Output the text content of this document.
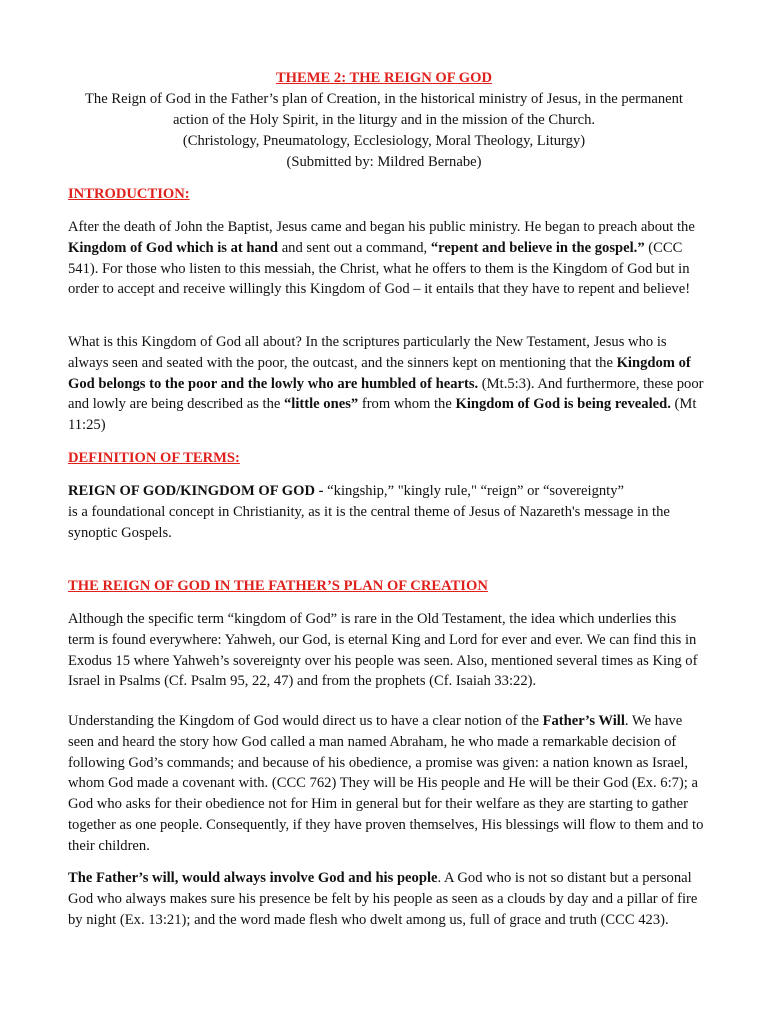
THEME 2: THE REIGN OF GOD
The Reign of God in the Father’s plan of Creation, in the historical ministry of Jesus, in the permanent
action of the Holy Spirit, in the liturgy and in the mission of the Church.
(Christology, Pneumatology, Ecclesiology, Moral Theology, Liturgy)
(Submitted by: Mildred Bernabe)
INTRODUCTION:
After the death of John the Baptist, Jesus came and began his public ministry. He began to preach about the Kingdom of God which is at hand and sent out a command, “repent and believe in the gospel.” (CCC 541). For those who listen to this messiah, the Christ, what he offers to them is the Kingdom of God but in order to accept and receive willingly this Kingdom of God – it entails that they have to repent and believe!
What is this Kingdom of God all about? In the scriptures particularly the New Testament, Jesus who is always seen and seated with the poor, the outcast, and the sinners kept on mentioning that the Kingdom of God belongs to the poor and the lowly who are humbled of hearts. (Mt.5:3). And furthermore, these poor and lowly are being described as the “little ones” from whom the Kingdom of God is being revealed. (Mt 11:25)
DEFINITION OF TERMS:
REIGN OF GOD/KINGDOM OF GOD - “kingship,” "kingly rule," “reign” or “sovereignty”
is a foundational concept in Christianity, as it is the central theme of Jesus of Nazareth's message in the synoptic Gospels.
THE REIGN OF GOD IN THE FATHER’S PLAN OF CREATION
Although the specific term “kingdom of God” is rare in the Old Testament, the idea which underlies this term is found everywhere: Yahweh, our God, is eternal King and Lord for ever and ever. We can find this in Exodus 15 where Yahweh’s sovereignty over his people was seen. Also, mentioned several times as King of Israel in Psalms (Cf. Psalm 95, 22, 47) and from the prophets (Cf. Isaiah 33:22).
Understanding the Kingdom of God would direct us to have a clear notion of the Father’s Will. We have seen and heard the story how God called a man named Abraham, he who made a remarkable decision of following God’s commands; and because of his obedience, a promise was given: a nation known as Israel, whom God made a covenant with. (CCC 762) They will be His people and He will be their God (Ex. 6:7); a God who asks for their obedience not for Him in general but for their welfare as they are starting to gather together as one people. Consequently, if they have proven themselves, His blessings will flow to them and to their children.
The Father’s will, would always involve God and his people. A God who is not so distant but a personal God who always makes sure his presence be felt by his people as seen as a clouds by day and a pillar of fire by night (Ex. 13:21); and the word made flesh who dwelt among us, full of grace and truth (CCC 423).
